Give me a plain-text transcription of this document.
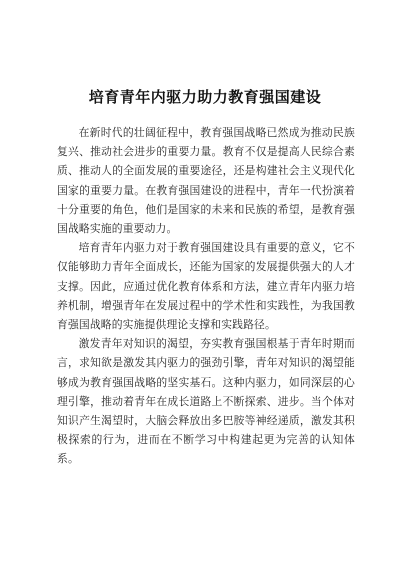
培育青年内驱力助力教育强国建设

在新时代的壮阔征程中，教育强国战略已然成为推动民族复兴、推动社会进步的重要力量。教育不仅是提高人民综合素质、推动人的全面发展的重要途径，还是构建社会主义现代化国家的重要力量。在教育强国建设的进程中，青年一代扮演着十分重要的角色，他们是国家的未来和民族的希望，是教育强国战略实施的重要动力。

培育青年内驱力对于教育强国建设具有重要的意义，它不仅能够助力青年全面成长，还能为国家的发展提供强大的人才支撑。因此，应通过优化教育体系和方法，建立青年内驱力培养机制，增强青年在发展过程中的学术性和实践性，为我国教育强国战略的实施提供理论支撑和实践路径。

激发青年对知识的渴望，夯实教育强国根基于青年时期而言，求知欲是激发其内驱力的强劲引擎，青年对知识的渴望能够成为教育强国战略的坚实基石。这种内驱力，如同深层的心理引擎，推动着青年在成长道路上不断探索、进步。当个体对知识产生渴望时，大脑会释放出多巴胺等神经递质，激发其积极探索的行为，进而在不断学习中构建起更为完善的认知体系。
